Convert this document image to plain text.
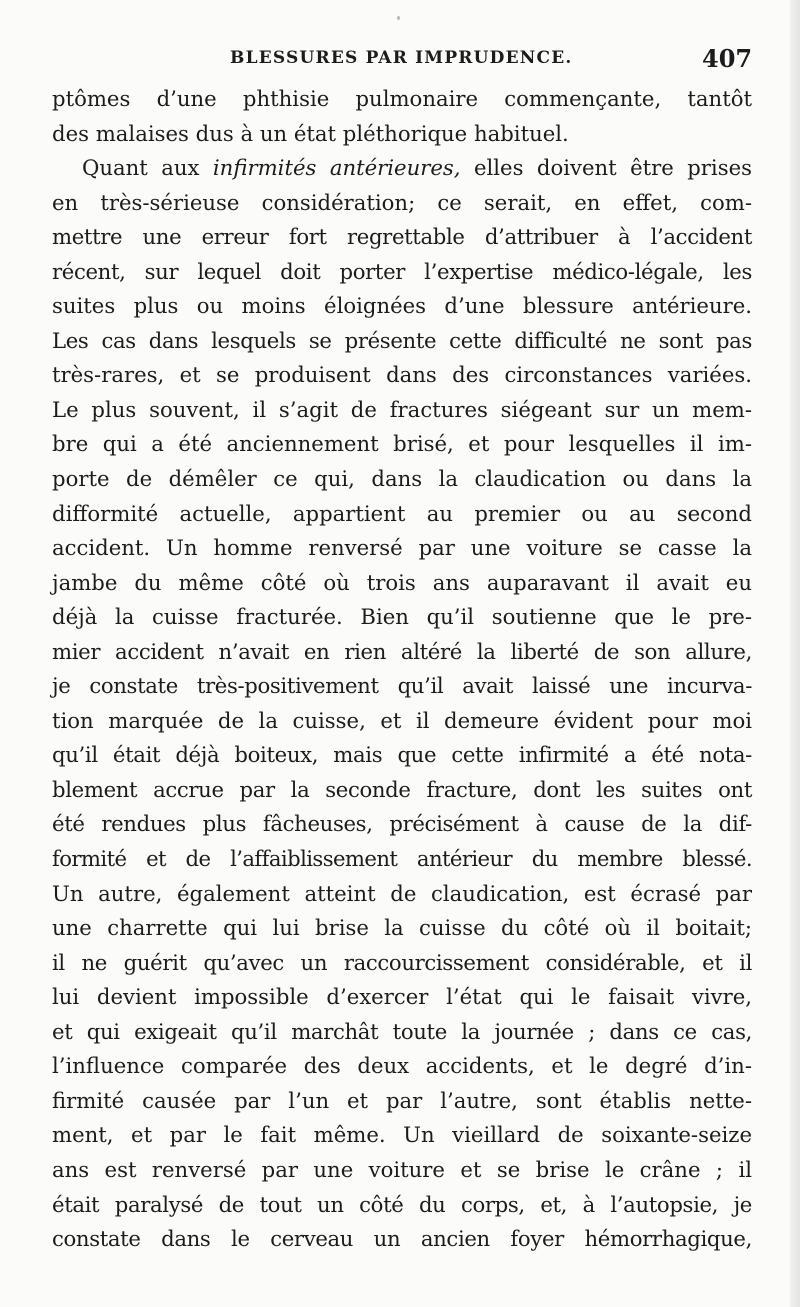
BLESSURES PAR IMPRUDENCE.	407
ptômes d’une phthisie pulmonaire commençante, tantôt
des malaises dus à un état pléthorique habituel.
Quant aux infirmités antérieures, elles doivent être prises
en très-sérieuse considération; ce serait, en effet, com-
mettre une erreur fort regrettable d’attribuer à l’accident
récent, sur lequel doit porter l’expertise médico-légale, les
suites plus ou moins éloignées d’une blessure antérieure.
Les cas dans lesquels se présente cette difficulté ne sont pas
très-rares, et se produisent dans des circonstances variées.
Le plus souvent, il s’agit de fractures siégeant sur un mem-
bre qui a été anciennement brisé, et pour lesquelles il im-
porte de démêler ce qui, dans la claudication ou dans la
difformité actuelle, appartient au premier ou au second
accident. Un homme renversé par une voiture se casse la
jambe du même côté où trois ans auparavant il avait eu
déjà la cuisse fracturée. Bien qu’il soutienne que le pre-
mier accident n’avait en rien altéré la liberté de son allure,
je constate très-positivement qu’il avait laissé une incurva-
tion marquée de la cuisse, et il demeure évident pour moi
qu’il était déjà boiteux, mais que cette infirmité a été nota-
blement accrue par la seconde fracture, dont les suites ont
été rendues plus fâcheuses, précisément à cause de la dif-
formité et de l’affaiblissement antérieur du membre blessé.
Un autre, également atteint de claudication, est écrasé par
une charrette qui lui brise la cuisse du côté où il boitait;
il ne guérit qu’avec un raccourcissement considérable, et il
lui devient impossible d’exercer l’état qui le faisait vivre,
et qui exigeait qu’il marchât toute la journée ; dans ce cas,
l’influence comparée des deux accidents, et le degré d’in-
firmité causée par l’un et par l’autre, sont établis nette-
ment, et par le fait même. Un vieillard de soixante-seize
ans est renversé par une voiture et se brise le crâne ; il
était paralysé de tout un côté du corps, et, à l’autopsie, je
constate dans le cerveau un ancien foyer hémorrhagique,
